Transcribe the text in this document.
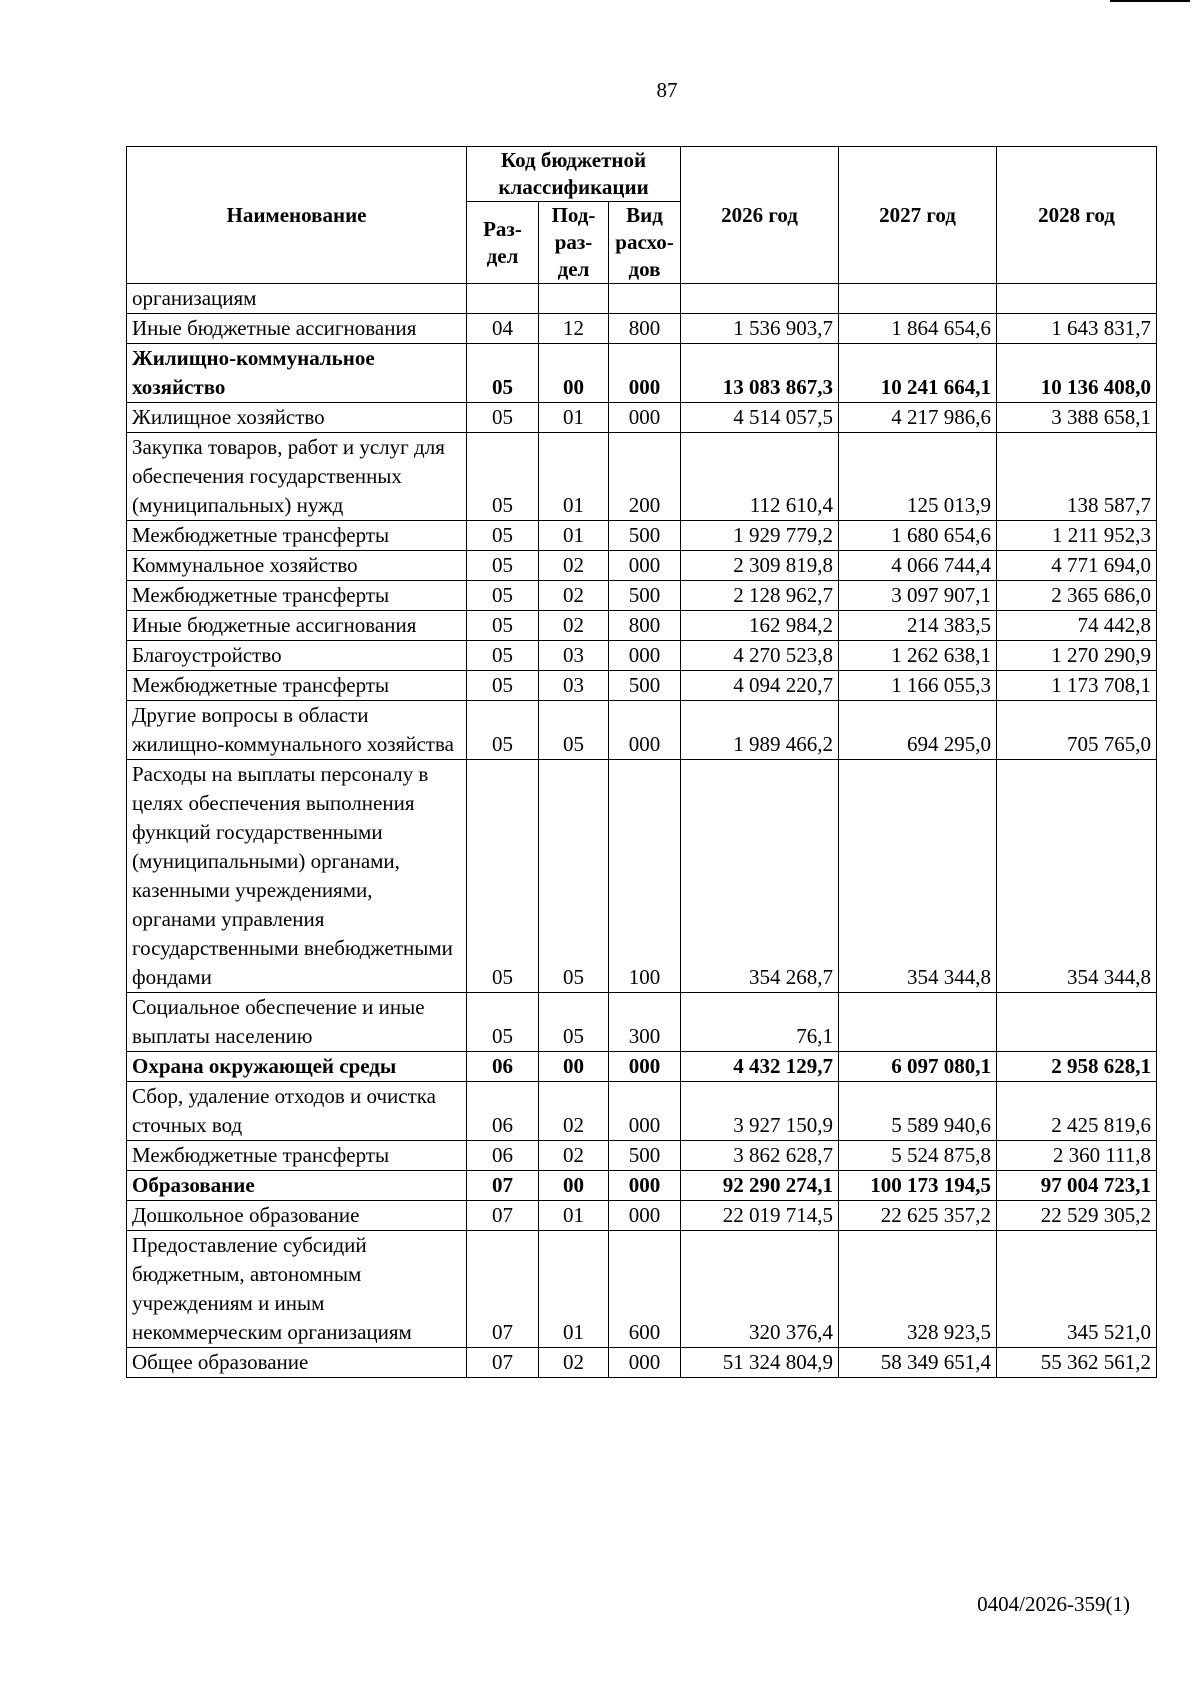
87
Наименование	Код бюджетной классификации			2026 год	2027 год	2028 год
	Раз- дел	Под- раз- дел	Вид расхо- дов			
организациям						
Иные бюджетные ассигнования	04	12	800	1 536 903,7	1 864 654,6	1 643 831,7
Жилищно-коммунальное хозяйство	05	00	000	13 083 867,3	10 241 664,1	10 136 408,0
Жилищное хозяйство	05	01	000	4 514 057,5	4 217 986,6	3 388 658,1
Закупка товаров, работ и услуг для обеспечения государственных (муниципальных) нужд	05	01	200	112 610,4	125 013,9	138 587,7
Межбюджетные трансферты	05	01	500	1 929 779,2	1 680 654,6	1 211 952,3
Коммунальное хозяйство	05	02	000	2 309 819,8	4 066 744,4	4 771 694,0
Межбюджетные трансферты	05	02	500	2 128 962,7	3 097 907,1	2 365 686,0
Иные бюджетные ассигнования	05	02	800	162 984,2	214 383,5	74 442,8
Благоустройство	05	03	000	4 270 523,8	1 262 638,1	1 270 290,9
Межбюджетные трансферты	05	03	500	4 094 220,7	1 166 055,3	1 173 708,1
Другие вопросы в области жилищно-коммунального хозяйства	05	05	000	1 989 466,2	694 295,0	705 765,0
Расходы на выплаты персоналу в целях обеспечения выполнения функций государственными (муниципальными) органами, казенными учреждениями, органами управления государственными внебюджетными фондами	05	05	100	354 268,7	354 344,8	354 344,8
Социальное обеспечение и иные выплаты населению	05	05	300	76,1		
Охрана окружающей среды	06	00	000	4 432 129,7	6 097 080,1	2 958 628,1
Сбор, удаление отходов и очистка сточных вод	06	02	000	3 927 150,9	5 589 940,6	2 425 819,6
Межбюджетные трансферты	06	02	500	3 862 628,7	5 524 875,8	2 360 111,8
Образование	07	00	000	92 290 274,1	100 173 194,5	97 004 723,1
Дошкольное образование	07	01	000	22 019 714,5	22 625 357,2	22 529 305,2
Предоставление субсидий бюджетным, автономным учреждениям и иным некоммерческим организациям	07	01	600	320 376,4	328 923,5	345 521,0
Общее образование	07	02	000	51 324 804,9	58 349 651,4	55 362 561,2
0404/2026-359(1)
